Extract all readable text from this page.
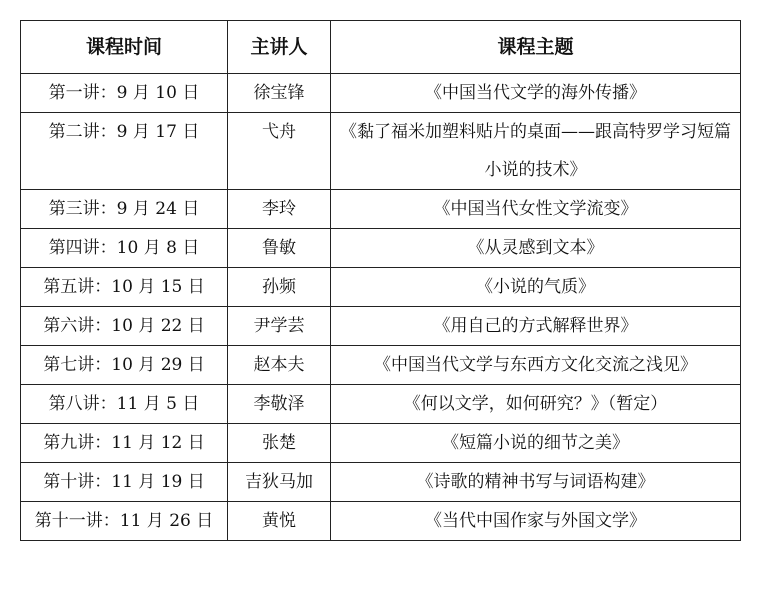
课程时间	主讲人	课程主题
第一讲：9 月 10 日	徐宝锋	《中国当代文学的海外传播》
第二讲：9 月 17 日	弋舟	《黏了福米加塑料贴片的桌面——跟高特罗学习短篇小说的技术》
第三讲：9 月 24 日	李玲	《中国当代女性文学流变》
第四讲：10 月 8 日	鲁敏	《从灵感到文本》
第五讲：10 月 15 日	孙频	《小说的气质》
第六讲：10 月 22 日	尹学芸	《用自己的方式解释世界》
第七讲：10 月 29 日	赵本夫	《中国当代文学与东西方文化交流之浅见》
第八讲：11 月 5 日	李敬泽	《何以文学，如何研究？》（暂定）
第九讲：11 月 12 日	张楚	《短篇小说的细节之美》
第十讲：11 月 19 日	吉狄马加	《诗歌的精神书写与词语构建》
第十一讲：11 月 26 日	黄悦	《当代中国作家与外国文学》
